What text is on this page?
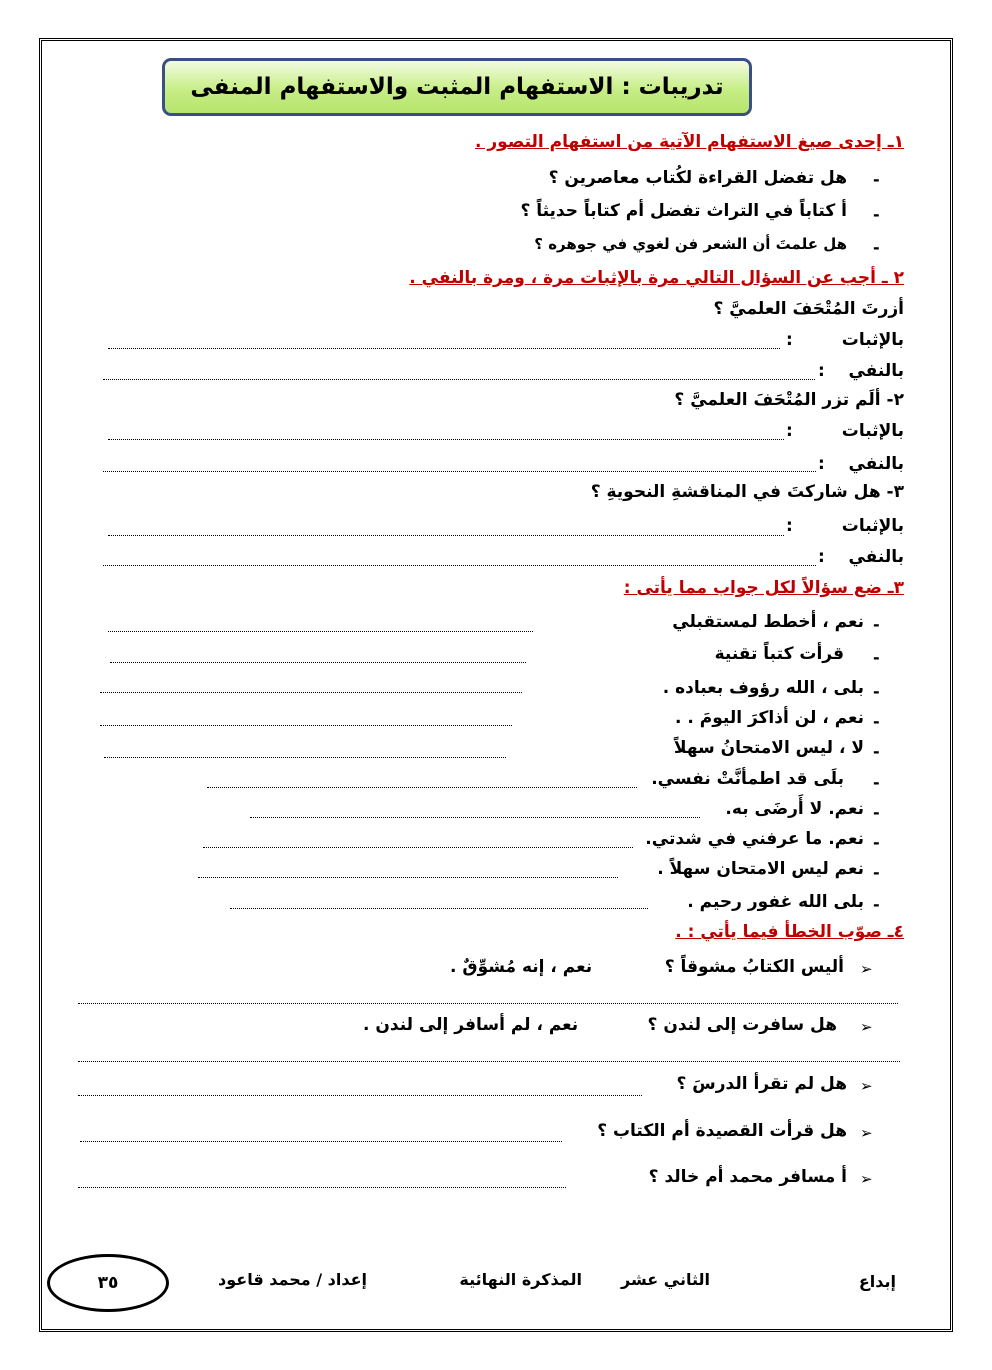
تدريبات : الاستفهام المثبت والاستفهام المنفى
١ـ إحدى صيغ الاستفهام الآتية من استفهام التصور .
-
هل تفضل القراءة لكُتاب معاصرين ؟
-
أ كتاباً في التراث تفضل أم كتاباً حديثاً ؟
-
هل علمتَ أن الشعر فن لغوي في جوهره ؟
٢ ـ أجب عن السؤال التالي مرة بالإثبات مرة ، ومرة بالنفي .
أزرتَ المُتْحَفَ العلميَّ ؟
بالإثبات
:
بالنفي
:
٢- ألَم تزر المُتْحَفَ العلميَّ ؟
بالإثبات
:
بالنفي
:
٣- هل شاركتَ في المناقشةِ النحويةِ ؟
بالإثبات
:
بالنفي
:
٣ـ ضع سؤالاً لكل جواب مما يأتى :
-
نعم ، أخطط لمستقبلي
-
قرأت كتباً تقنية
-
بلى ، الله رؤوف بعباده .
-
نعم ، لن أذاكرَ اليومَ . .
-
لا ، ليس الامتحانُ سهلاً
-
بلَى قد اطمأنَّتْ نفسي.
-
نعم. لا أَرضَى به.
-
نعم. ما عرفني في شدتي.
-
نعم ليس الامتحان سهلاً .
-
بلى الله غفور رحيم .
٤ـ صوّب الخطأ فيما يأتي : .
➢
أليس الكتابُ مشوقاً ؟
نعم ، إنه مُشوِّقٌ .
➢
هل سافرت إلى لندن ؟
نعم ، لم أسافر إلى لندن .
➢
هل لم تقرأ الدرسَ ؟
➢
هل قرأت القصيدة أم الكتاب ؟
➢
أ مسافر محمد أم خالد ؟
إبداع
الثاني عشر
المذكرة النهائية
إعداد / محمد قاعود
٣٥
